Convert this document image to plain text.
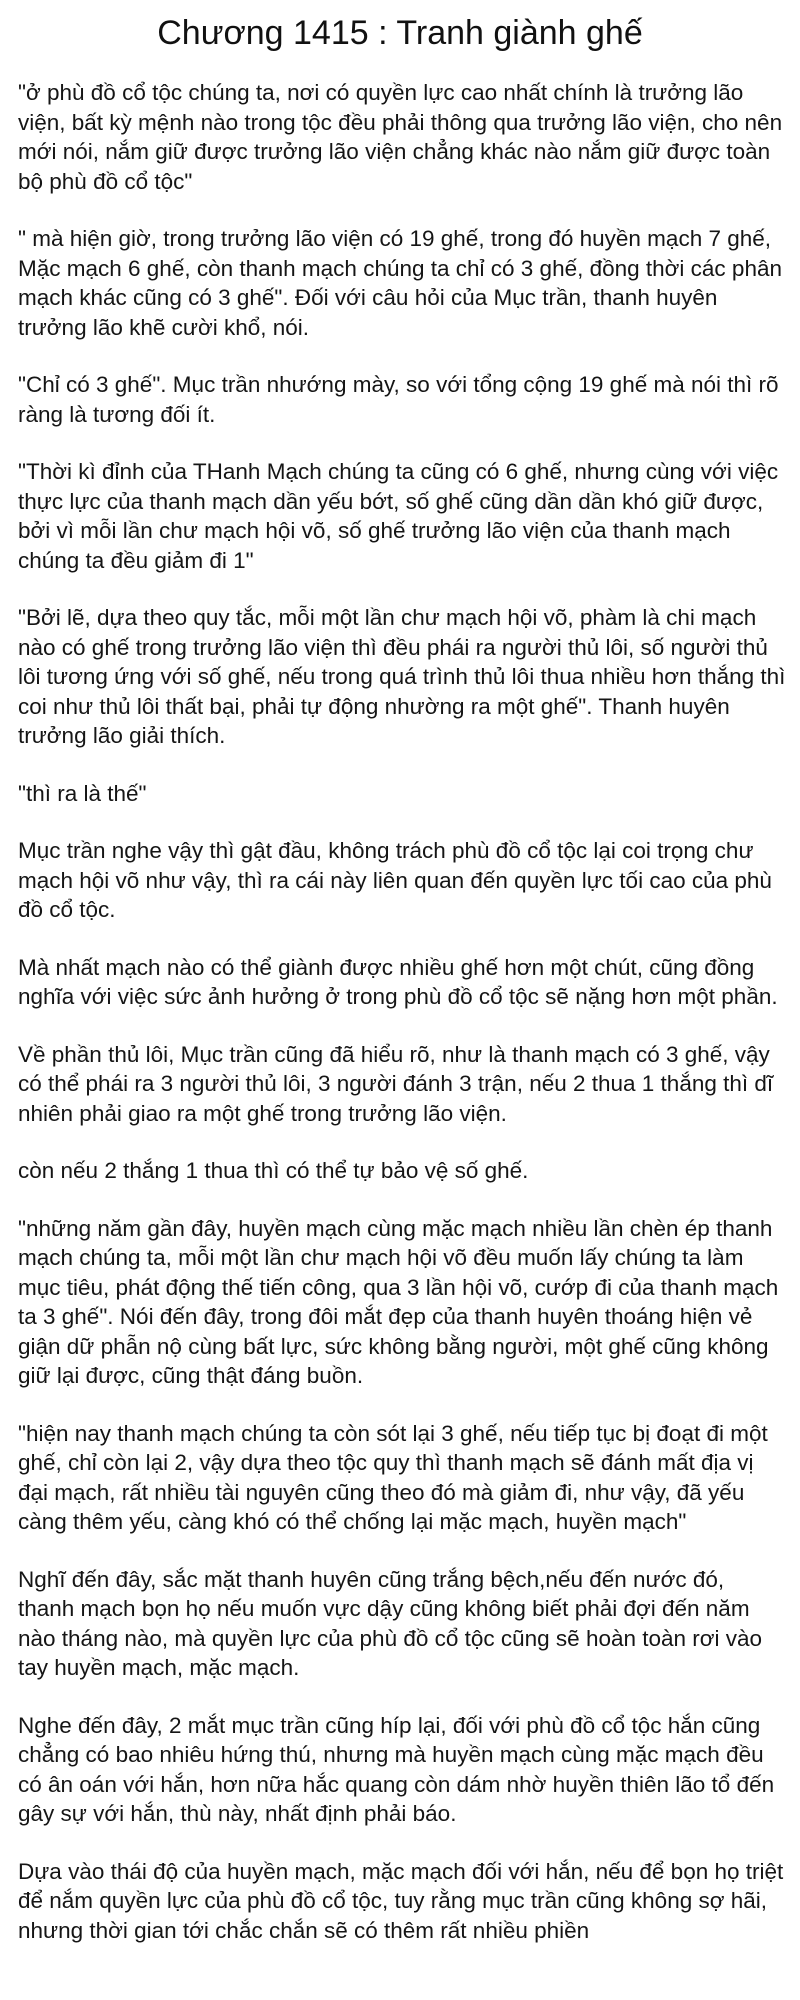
Chương 1415 : Tranh giành ghế

"ở phù đồ cổ tộc chúng ta, nơi có quyền lực cao nhất chính là trưởng lão viện, bất kỳ mệnh nào trong tộc đều phải thông qua trưởng lão viện, cho nên mới nói, nắm giữ được trưởng lão viện chẳng khác nào nắm giữ được toàn bộ phù đồ cổ tộc"

" mà hiện giờ, trong trưởng lão viện có 19 ghế, trong đó huyền mạch 7 ghế, Mặc mạch 6 ghế, còn thanh mạch chúng ta chỉ có 3 ghế, đồng thời các phân mạch khác cũng có 3 ghế". Đối với câu hỏi của Mục trần, thanh huyên trưởng lão khẽ cười khổ, nói.

"Chỉ có 3 ghế". Mục trần nhướng mày, so với tổng cộng 19 ghế mà nói thì rõ ràng là tương đối ít.

"Thời kì đỉnh của THanh Mạch chúng ta cũng có 6 ghế, nhưng cùng với việc thực lực của thanh mạch dần yếu bớt, số ghế cũng dần dần khó giữ được, bởi vì mỗi lần chư mạch hội võ, số ghế trưởng lão viện của thanh mạch chúng ta đều giảm đi 1"

"Bởi lẽ, dựa theo quy tắc, mỗi một lần chư mạch hội võ, phàm là chi mạch nào có ghế trong trưởng lão viện thì đều phái ra người thủ lôi, số người thủ lôi tương ứng với số ghế, nếu trong quá trình thủ lôi thua nhiều hơn thắng thì coi như thủ lôi thất bại, phải tự động nhường ra một ghế". Thanh huyên trưởng lão giải thích.

"thì ra là thế"

Mục trần nghe vậy thì gật đầu, không trách phù đồ cổ tộc lại coi trọng chư mạch hội võ như vậy, thì ra cái này liên quan đến quyền lực tối cao của phù đồ cổ tộc.

Mà nhất mạch nào có thể giành được nhiều ghế hơn một chút, cũng đồng nghĩa với việc sức ảnh hưởng ở trong phù đồ cổ tộc sẽ nặng hơn một phần.

Về phần thủ lôi, Mục trần cũng đã hiểu rõ, như là thanh mạch có 3 ghế, vậy có thể phái ra 3 người thủ lôi, 3 người đánh 3 trận, nếu 2 thua 1 thắng thì dĩ nhiên phải giao ra một ghế trong trưởng lão viện.

còn nếu 2 thắng 1 thua thì có thể tự bảo vệ số ghế.

"những năm gần đây, huyền mạch cùng mặc mạch nhiều lần chèn ép thanh mạch chúng ta, mỗi một lần chư mạch hội võ đều muốn lấy chúng ta làm mục tiêu, phát động thế tiến công, qua 3 lần hội võ, cướp đi của thanh mạch ta 3 ghế". Nói đến đây, trong đôi mắt đẹp của thanh huyên thoáng hiện vẻ giận dữ phẫn nộ cùng bất lực, sức không bằng người, một ghế cũng không giữ lại được, cũng thật đáng buồn.

"hiện nay thanh mạch chúng ta còn sót lại 3 ghế, nếu tiếp tục bị đoạt đi một ghế, chỉ còn lại 2, vậy dựa theo tộc quy thì thanh mạch sẽ đánh mất địa vị đại mạch, rất nhiều tài nguyên cũng theo đó mà giảm đi, như vậy, đã yếu càng thêm yếu, càng khó có thể chống lại mặc mạch, huyền mạch"

Nghĩ đến đây, sắc mặt thanh huyên cũng trắng bệch,nếu đến nước đó, thanh mạch bọn họ nếu muốn vực dậy cũng không biết phải đợi đến năm nào tháng nào, mà quyền lực của phù đồ cổ tộc cũng sẽ hoàn toàn rơi vào tay huyền mạch, mặc mạch.

Nghe đến đây, 2 mắt mục trần cũng híp lại, đối với phù đồ cổ tộc hắn cũng chẳng có bao nhiêu hứng thú, nhưng mà huyền mạch cùng mặc mạch đều có ân oán với hắn, hơn nữa hắc quang còn dám nhờ huyền thiên lão tổ đến gây sự với hắn, thù này, nhất định phải báo.

Dựa vào thái độ của huyền mạch, mặc mạch đối với hắn, nếu để bọn họ triệt để nắm quyền lực của phù đồ cổ tộc, tuy rằng mục trần cũng không sợ hãi, nhưng thời gian tới chắc chắn sẽ có thêm rất nhiều phiền
